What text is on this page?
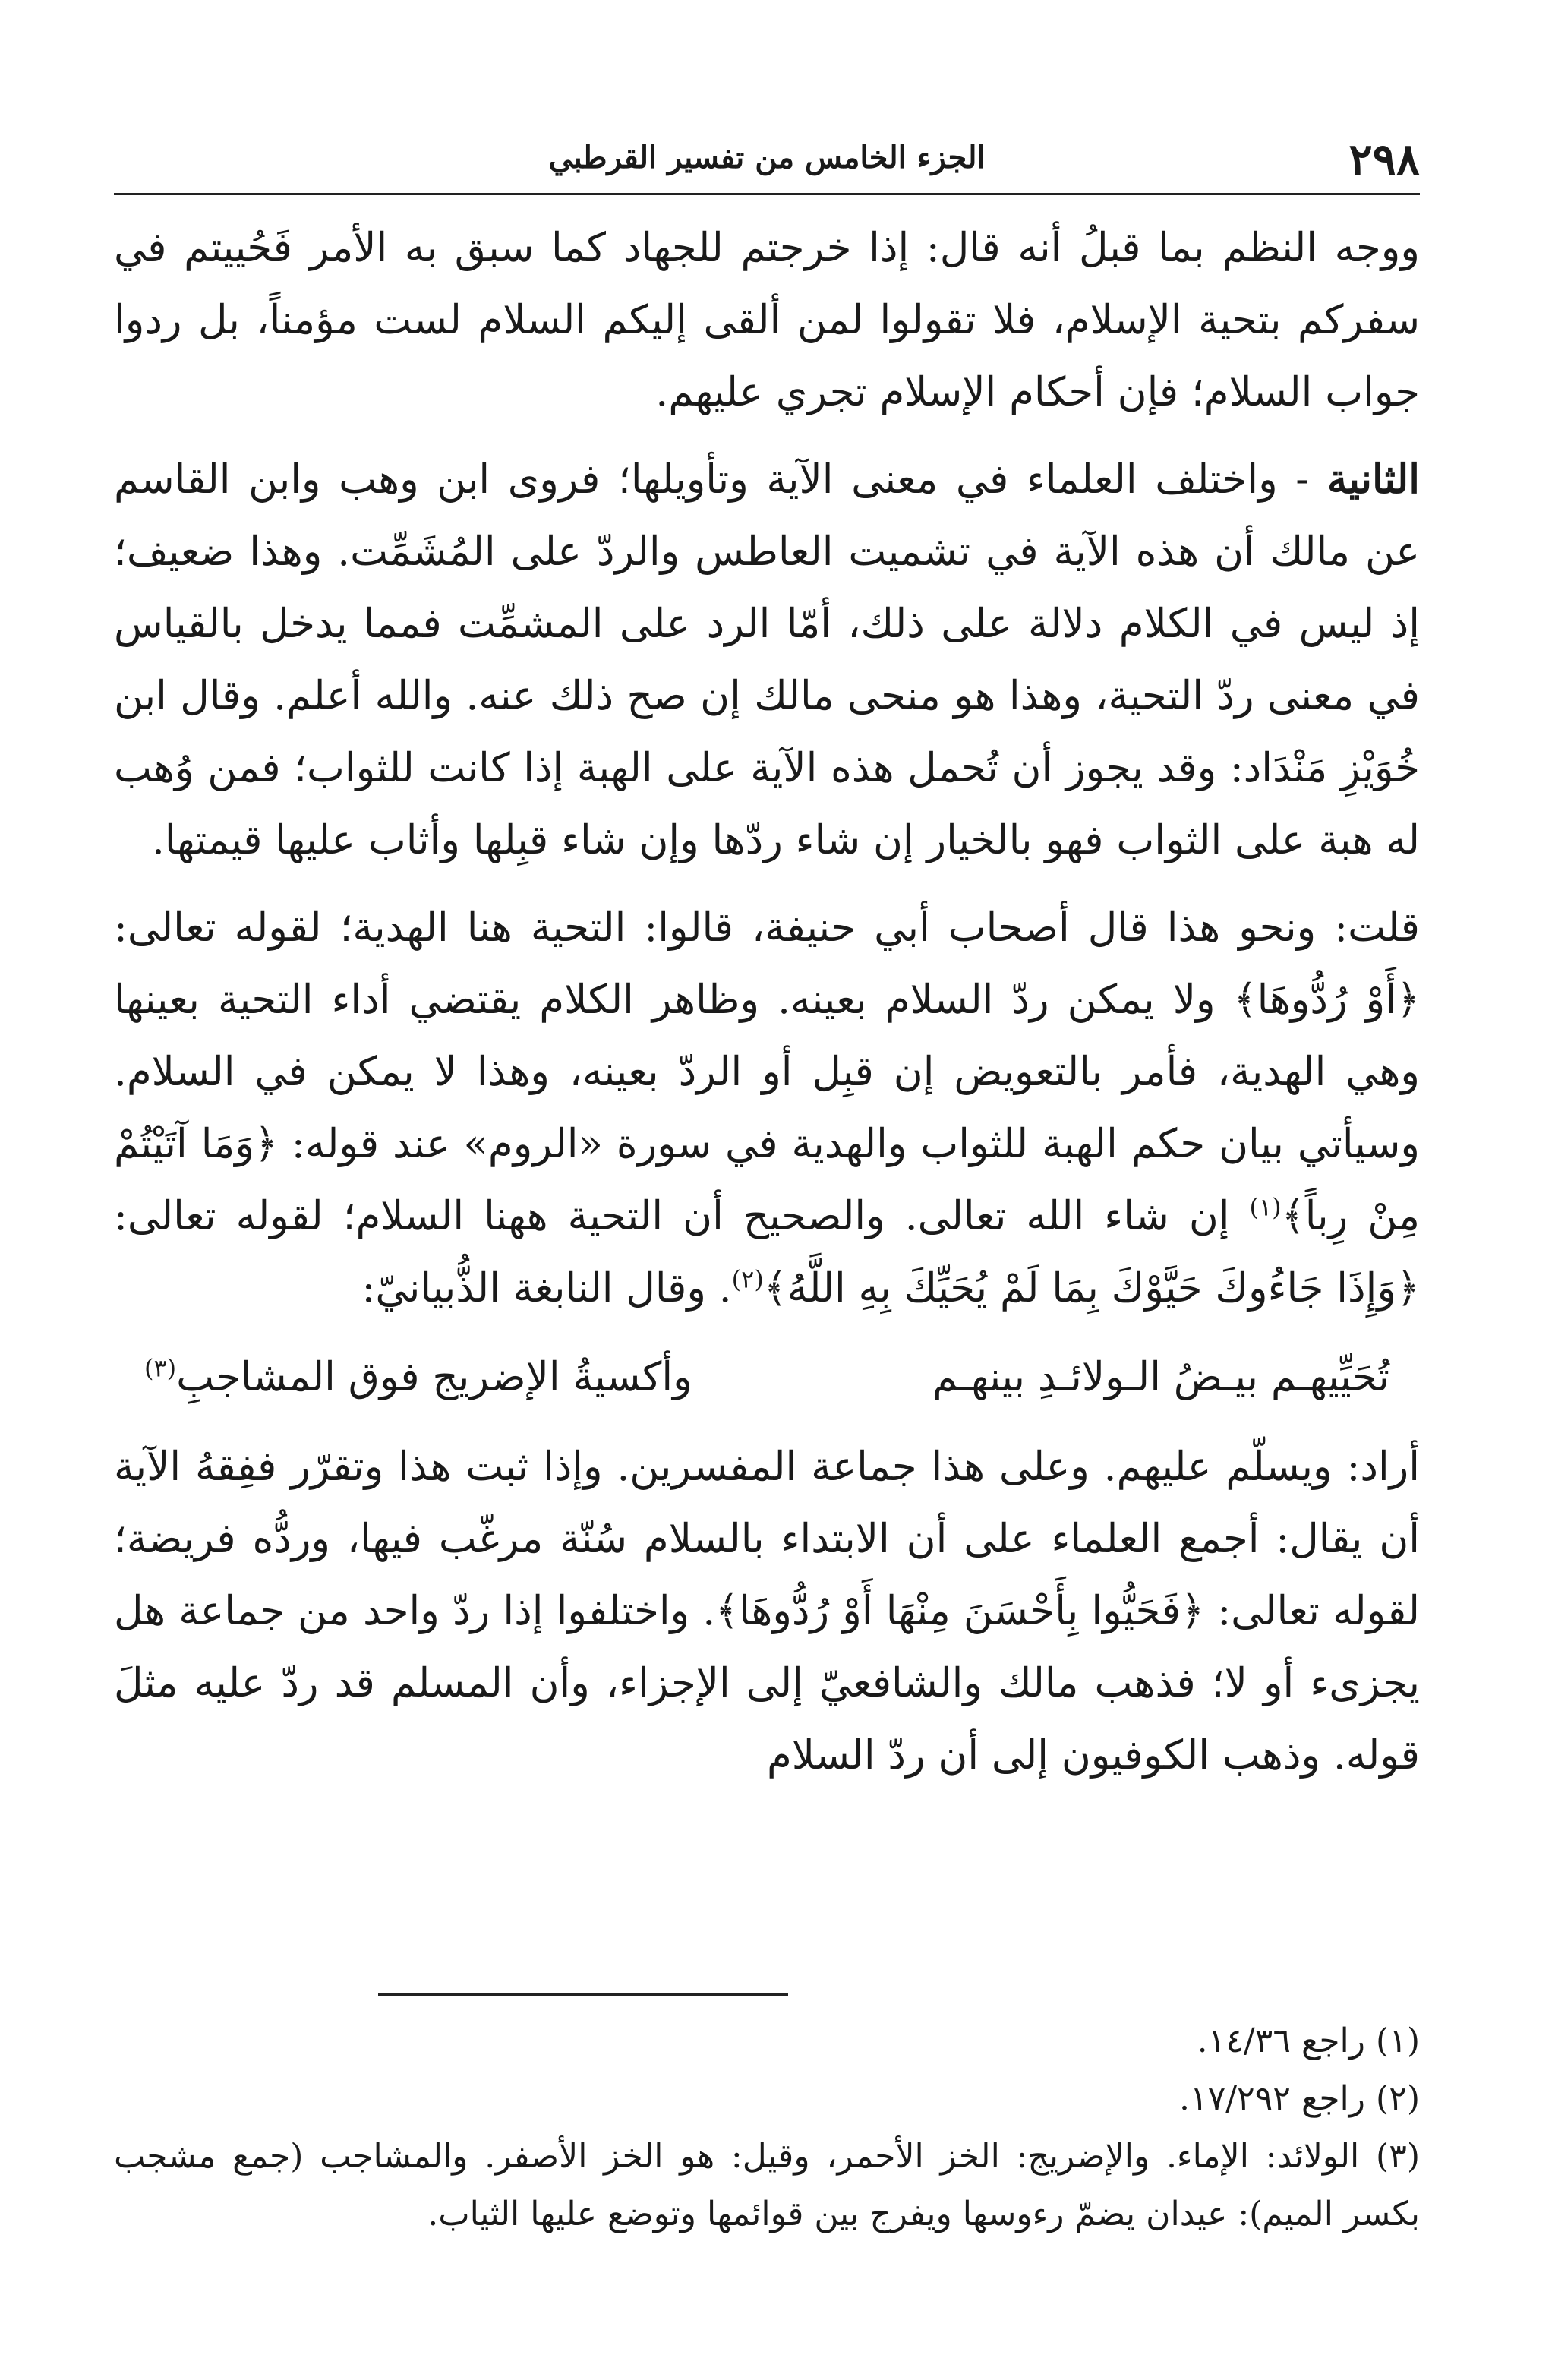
٢٩٨
الجزء الخامس من تفسير القرطبي

ووجه النظم بما قبلُ أنه قال: إذا خرجتم للجهاد كما سبق به الأمر فَحُييتم في سفركم بتحية الإسلام، فلا تقولوا لمن ألقى إليكم السلام لست مؤمناً، بل ردوا جواب السلام؛ فإن أحكام الإسلام تجري عليهم.

الثانية - واختلف العلماء في معنى الآية وتأويلها؛ فروى ابن وهب وابن القاسم عن مالك أن هذه الآية في تشميت العاطس والردّ على المُشَمِّت. وهذا ضعيف؛ إذ ليس في الكلام دلالة على ذلك، أمّا الرد على المشمِّت فمما يدخل بالقياس في معنى ردّ التحية، وهذا هو منحى مالك إن صح ذلك عنه. والله أعلم. وقال ابن خُوَيْزِ مَنْدَاد: وقد يجوز أن تُحمل هذه الآية على الهبة إذا كانت للثواب؛ فمن وُهب له هبة على الثواب فهو بالخيار إن شاء ردّها وإن شاء قبِلها وأثاب عليها قيمتها.

قلت: ونحو هذا قال أصحاب أبي حنيفة، قالوا: التحية هنا الهدية؛ لقوله تعالى: ﴿أَوْ رُدُّوهَا﴾ ولا يمكن ردّ السلام بعينه. وظاهر الكلام يقتضي أداء التحية بعينها وهي الهدية، فأمر بالتعويض إن قبِل أو الردّ بعينه، وهذا لا يمكن في السلام. وسيأتي بيان حكم الهبة للثواب والهدية في سورة «الروم» عند قوله: ﴿وَمَا آتَيْتُمْ مِنْ رِباً﴾$^{(١)}$ إن شاء الله تعالى. والصحيح أن التحية ههنا السلام؛ لقوله تعالى: ﴿وَإِذَا جَاءُوكَ حَيَّوْكَ بِمَا لَمْ يُحَيِّكَ بِهِ اللَّهُ﴾$^{(٢)}$. وقال النابغة الذُّبيانيّ:

تُحَيِّيهـم بيـضُ الـولائـدِ بينهـم
وأكسيةُ الإضريج فوق المشاجبِ$^{(٣)}$

أراد: ويسلّم عليهم. وعلى هذا جماعة المفسرين. وإذا ثبت هذا وتقرّر ففِقهُ الآية أن يقال: أجمع العلماء على أن الابتداء بالسلام سُنّة مرغّب فيها، وردُّه فريضة؛ لقوله تعالى: ﴿فَحَيُّوا بِأَحْسَنَ مِنْهَا أَوْ رُدُّوهَا﴾. واختلفوا إذا ردّ واحد من جماعة هل يجزىء أو لا؛ فذهب مالك والشافعيّ إلى الإجزاء، وأن المسلم قد ردّ عليه مثلَ قوله. وذهب الكوفيون إلى أن ردّ السلام

(١) راجع ١٤/٣٦.

(٢) راجع ١٧/٢٩٢.

(٣) الولائد: الإماء. والإضريج: الخز الأحمر، وقيل: هو الخز الأصفر. والمشاجب (جمع مشجب بكسر الميم): عيدان يضمّ رءوسها ويفرج بين قوائمها وتوضع عليها الثياب.
